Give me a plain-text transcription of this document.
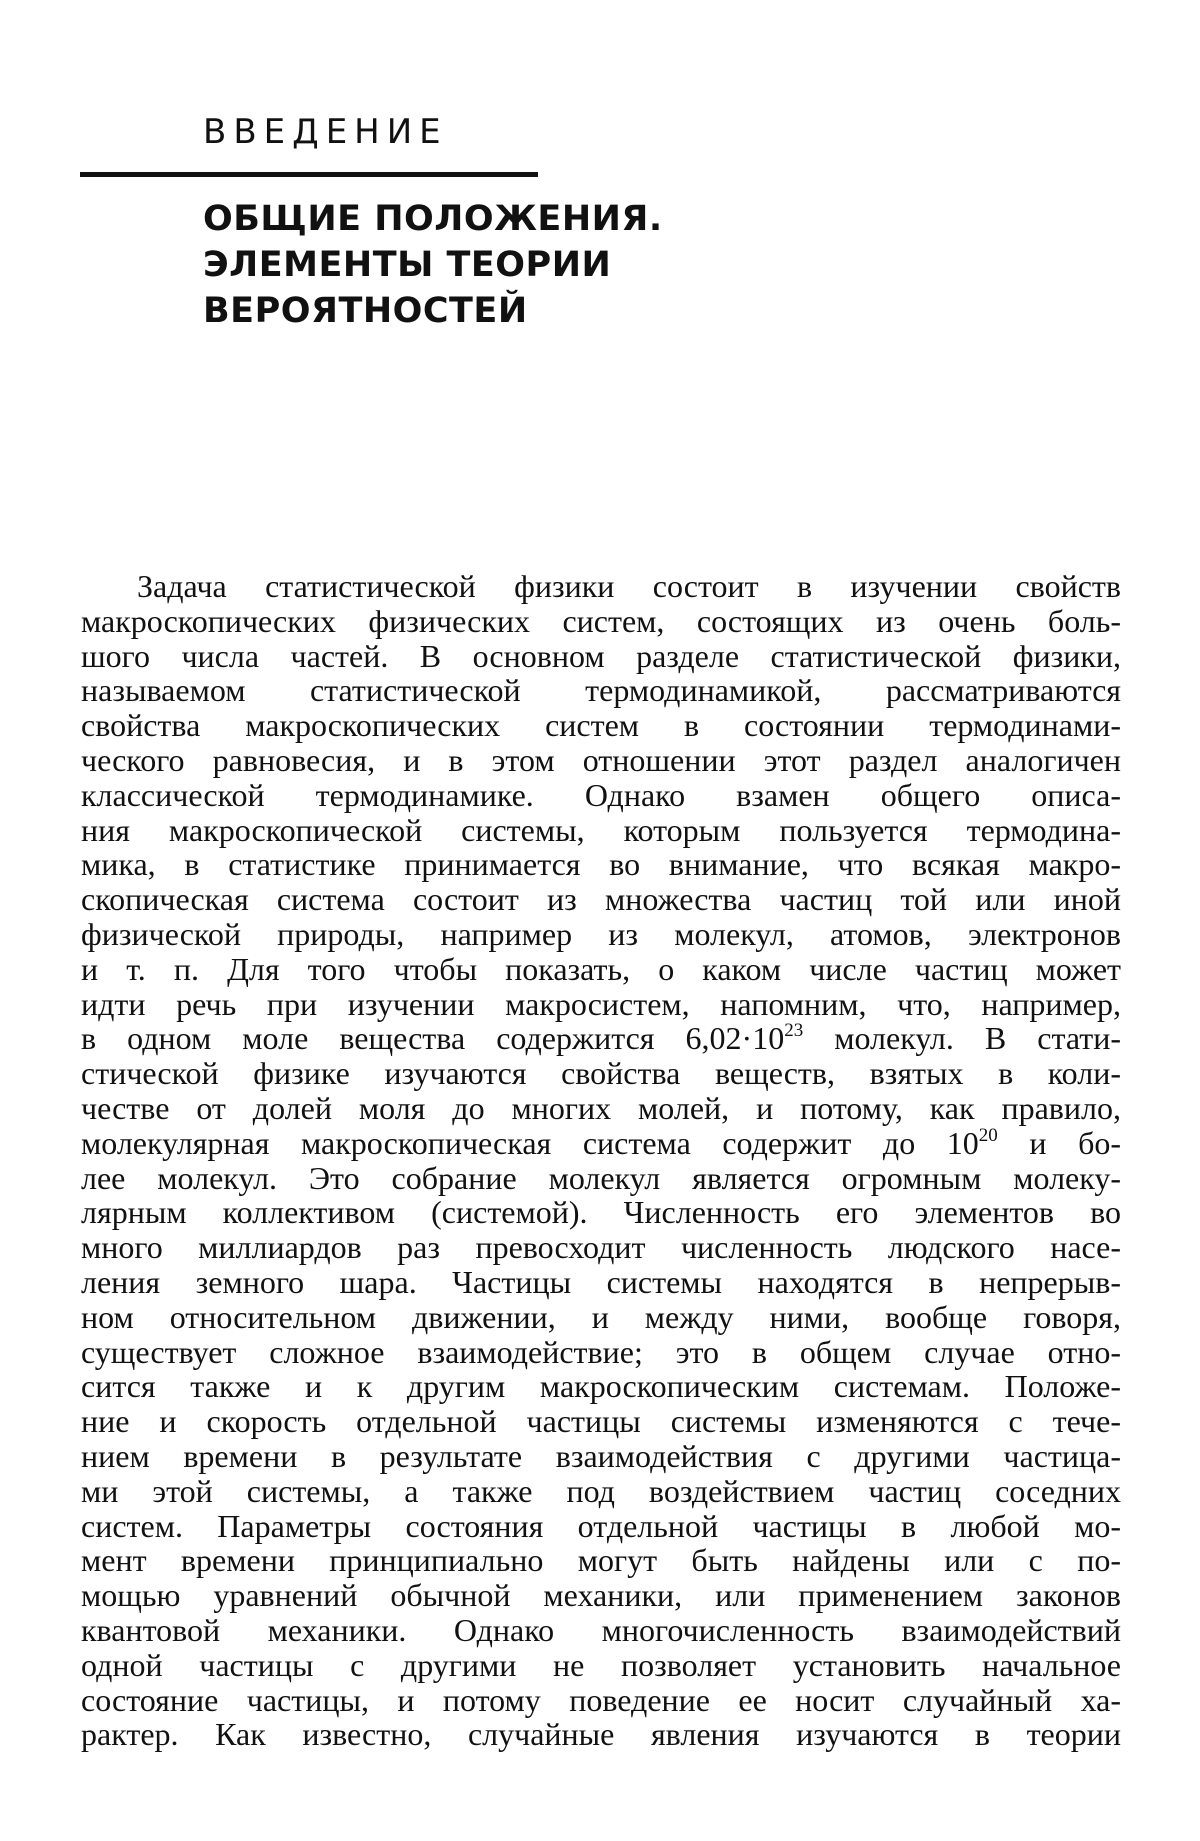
ВВЕДЕНИЕ
ОБЩИЕ ПОЛОЖЕНИЯ.
ЭЛЕМЕНТЫ ТЕОРИИ
ВЕРОЯТНОСТЕЙ

Задача статистической физики состоит в изучении свойств
макроскопических физических систем, состоящих из очень боль-
шого числа частей. В основном разделе статистической физики,
называемом статистической термодинамикой, рассматриваются
свойства макроскопических систем в состоянии термодинами-
ческого равновесия, и в этом отношении этот раздел аналогичен
классической термодинамике. Однако взамен общего описа-
ния макроскопической системы, которым пользуется термодина-
мика, в статистике принимается во внимание, что всякая макро-
скопическая система состоит из множества частиц той или иной
физической природы, например из молекул, атомов, электронов
и т. п. Для того чтобы показать, о каком числе частиц может
идти речь при изучении макросистем, напомним, что, например,
в одном моле вещества содержится $6,02\cdot 10^{23}$ молекул. В стати-
стической физике изучаются свойства веществ, взятых в коли-
честве от долей моля до многих молей, и потому, как правило,
молекулярная макроскопическая система содержит до $10^{20}$ и бо-
лее молекул. Это собрание молекул является огромным молеку-
лярным коллективом (системой). Численность его элементов во
много миллиардов раз превосходит численность людского насе-
ления земного шара. Частицы системы находятся в непрерыв-
ном относительном движении, и между ними, вообще говоря,
существует сложное взаимодействие; это в общем случае отно-
сится также и к другим макроскопическим системам. Положе-
ние и скорость отдельной частицы системы изменяются с тече-
нием времени в результате взаимодействия с другими частица-
ми этой системы, а также под воздействием частиц соседних
систем. Параметры состояния отдельной частицы в любой мо-
мент времени принципиально могут быть найдены или с по-
мощью уравнений обычной механики, или применением законов
квантовой механики. Однако многочисленность взаимодействий
одной частицы с другими не позволяет установить начальное
состояние частицы, и потому поведение ее носит случайный ха-
рактер. Как известно, случайные явления изучаются в теории
